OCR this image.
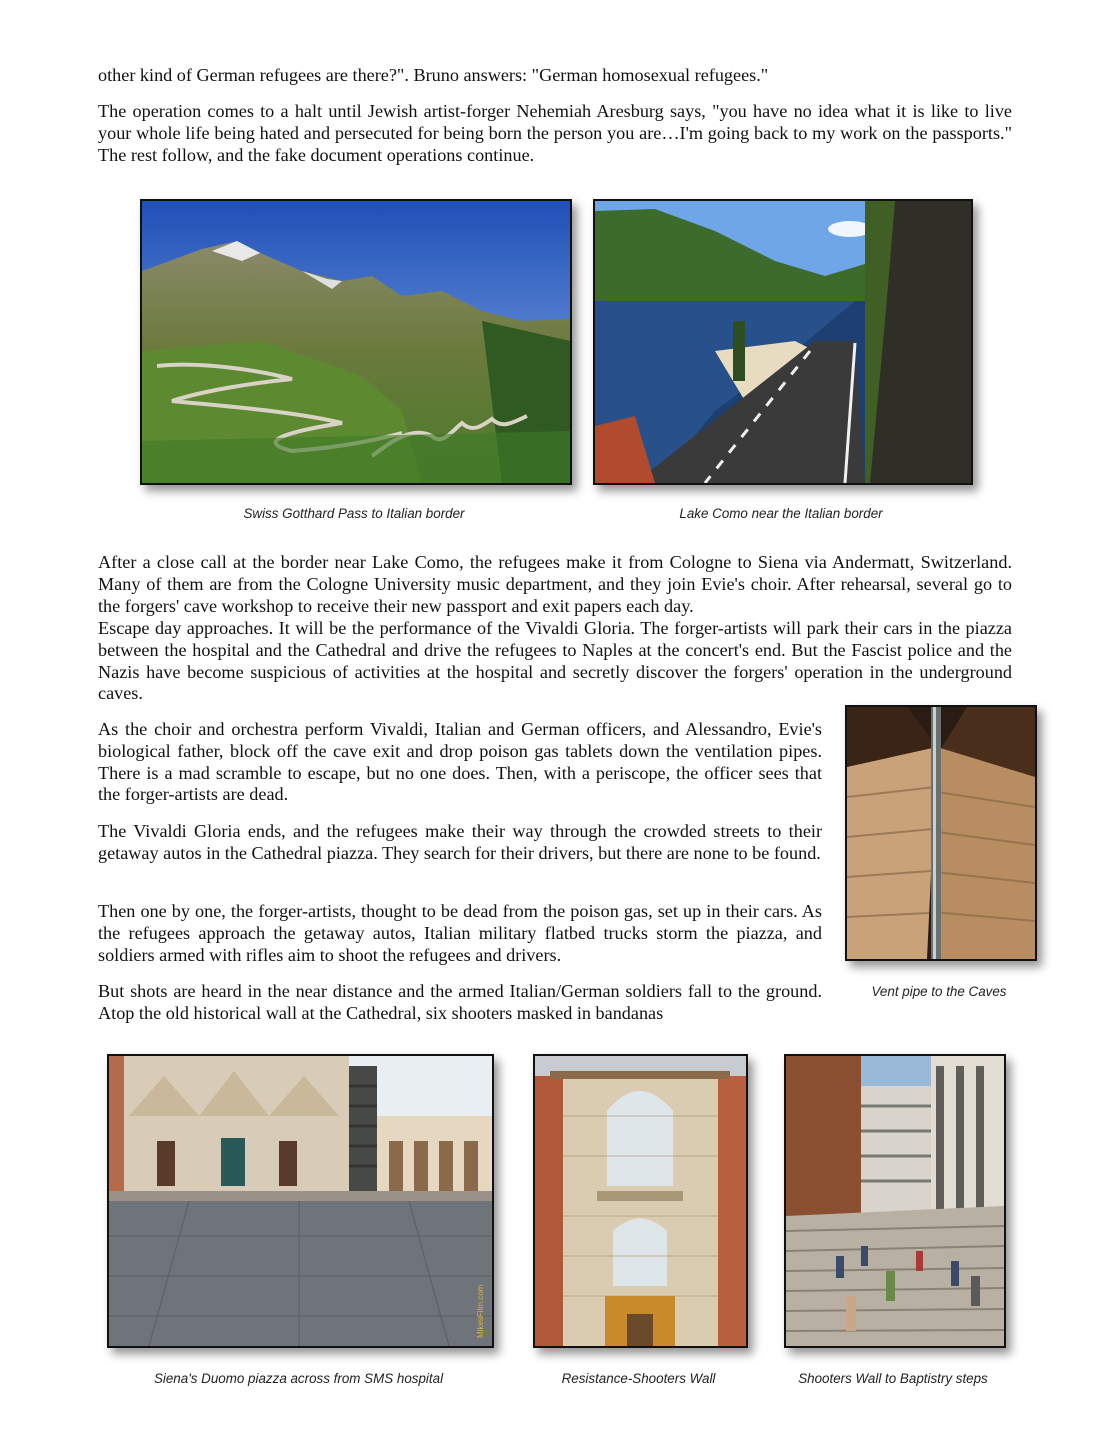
other kind of German refugees are there?". Bruno answers: "German homosexual refugees."

The operation comes to a halt until Jewish artist-forger Nehemiah Aresburg says, "you have no idea what it is like to live your whole life being hated and persecuted for being born the person you are…I'm going back to my work on the passports." The rest follow, and the fake document operations continue.

Swiss Gotthard Pass to Italian border	Lake Como near the Italian border

After a close call at the border near Lake Como, the refugees make it from Cologne to Siena via Andermatt, Switzerland. Many of them are from the Cologne University music department, and they join Evie's choir. After rehearsal, several go to the forgers' cave workshop to receive their new passport and exit papers each day.

Escape day approaches. It will be the performance of the Vivaldi Gloria. The forger-artists will park their cars in the piazza between the hospital and the Cathedral and drive the refugees to Naples at the concert's end. But the Fascist police and the Nazis have become suspicious of activities at the hospital and secretly discover the forgers' operation in the underground caves.

As the choir and orchestra perform Vivaldi, Italian and German officers, and Alessandro, Evie's biological father, block off the cave exit and drop poison gas tablets down the ventilation pipes. There is a mad scramble to escape, but no one does. Then, with a periscope, the officer sees that the forger-artists are dead.

The Vivaldi Gloria ends, and the refugees make their way through the crowded streets to their getaway autos in the Cathedral piazza. They search for their drivers, but there are none to be found.

Then one by one, the forger-artists, thought to be dead from the poison gas, set up in their cars. As the refugees approach the getaway autos, Italian military flatbed trucks storm the piazza, and soldiers armed with rifles aim to shoot the refugees and drivers.

But shots are heard in the near distance and the armed Italian/German soldiers fall to the ground. Atop the old historical wall at the Cathedral, six shooters masked in bandanas

Vent pipe to the Caves
MikesFilm.com
Siena's Duomo piazza across from SMS hospital	Resistance-Shooters Wall	Shooters Wall to Baptistry steps
